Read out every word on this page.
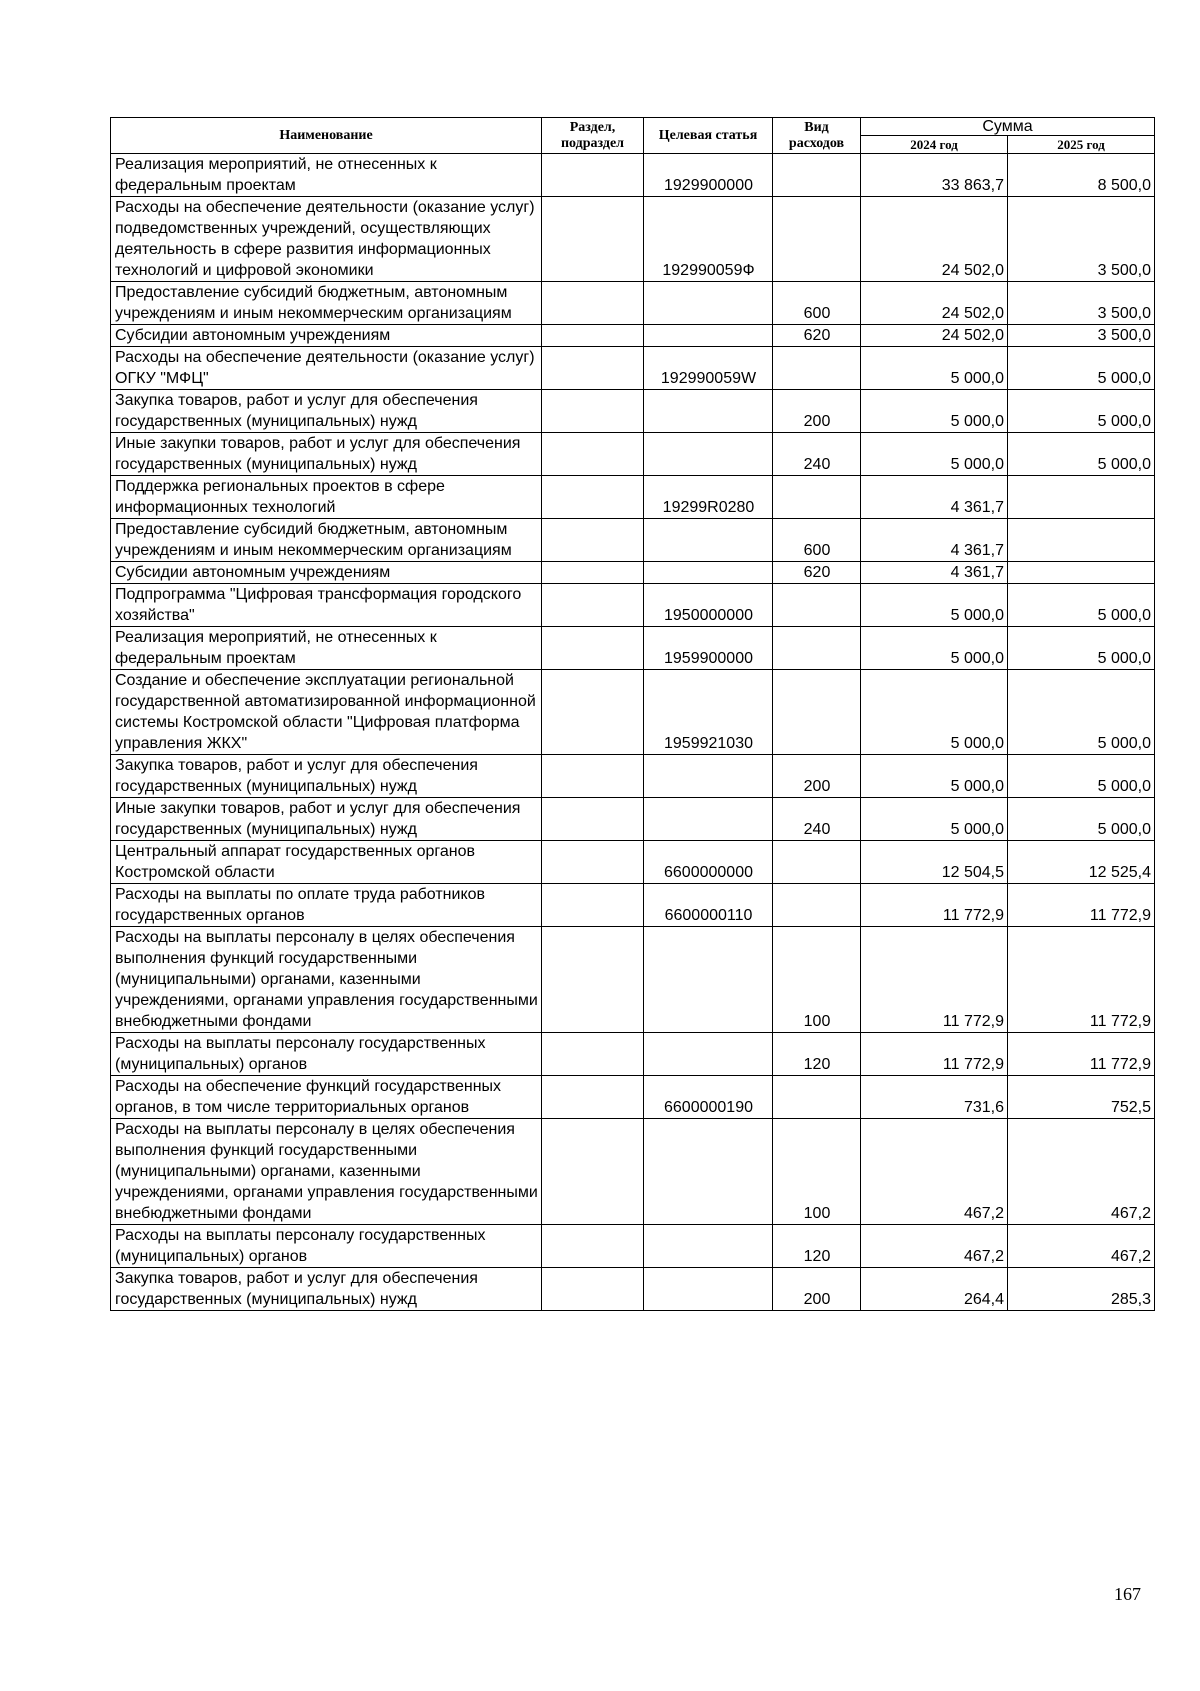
Наименование	Раздел, подраздел	Целевая статья	Вид расходов	Сумма	
				2024 год	2025 год
Реализация мероприятий, не отнесенных к федеральным проектам		1929900000		33 863,7	8 500,0
Расходы на обеспечение деятельности (оказание услуг) подведомственных учреждений, осуществляющих деятельность в сфере развития информационных технологий и цифровой экономики		192990059Ф		24 502,0	3 500,0
Предоставление субсидий бюджетным, автономным учреждениям и иным некоммерческим организациям			600	24 502,0	3 500,0
Субсидии автономным учреждениям			620	24 502,0	3 500,0
Расходы на обеспечение деятельности (оказание услуг) ОГКУ "МФЦ"		192990059W		5 000,0	5 000,0
Закупка товаров, работ и услуг для обеспечения государственных (муниципальных) нужд			200	5 000,0	5 000,0
Иные закупки товаров, работ и услуг для обеспечения государственных (муниципальных) нужд			240	5 000,0	5 000,0
Поддержка региональных проектов в сфере информационных технологий		19299R0280		4 361,7	
Предоставление субсидий бюджетным, автономным учреждениям и иным некоммерческим организациям			600	4 361,7	
Субсидии автономным учреждениям			620	4 361,7	
Подпрограмма "Цифровая трансформация городского хозяйства"		1950000000		5 000,0	5 000,0
Реализация мероприятий, не отнесенных к федеральным проектам		1959900000		5 000,0	5 000,0
Создание и обеспечение эксплуатации региональной государственной автоматизированной информационной системы Костромской области "Цифровая платформа управления ЖКХ"		1959921030		5 000,0	5 000,0
Закупка товаров, работ и услуг для обеспечения государственных (муниципальных) нужд			200	5 000,0	5 000,0
Иные закупки товаров, работ и услуг для обеспечения государственных (муниципальных) нужд			240	5 000,0	5 000,0
Центральный аппарат государственных органов Костромской области		6600000000		12 504,5	12 525,4
Расходы на выплаты по оплате труда работников государственных органов		6600000110		11 772,9	11 772,9
Расходы на выплаты персоналу в целях обеспечения выполнения функций государственными (муниципальными) органами, казенными учреждениями, органами управления государственными внебюджетными фондами			100	11 772,9	11 772,9
Расходы на выплаты персоналу государственных (муниципальных) органов			120	11 772,9	11 772,9
Расходы на обеспечение функций государственных органов, в том числе территориальных органов		6600000190		731,6	752,5
Расходы на выплаты персоналу в целях обеспечения выполнения функций государственными (муниципальными) органами, казенными учреждениями, органами управления государственными внебюджетными фондами			100	467,2	467,2
Расходы на выплаты персоналу государственных (муниципальных) органов			120	467,2	467,2
Закупка товаров, работ и услуг для обеспечения государственных (муниципальных) нужд			200	264,4	285,3
167
